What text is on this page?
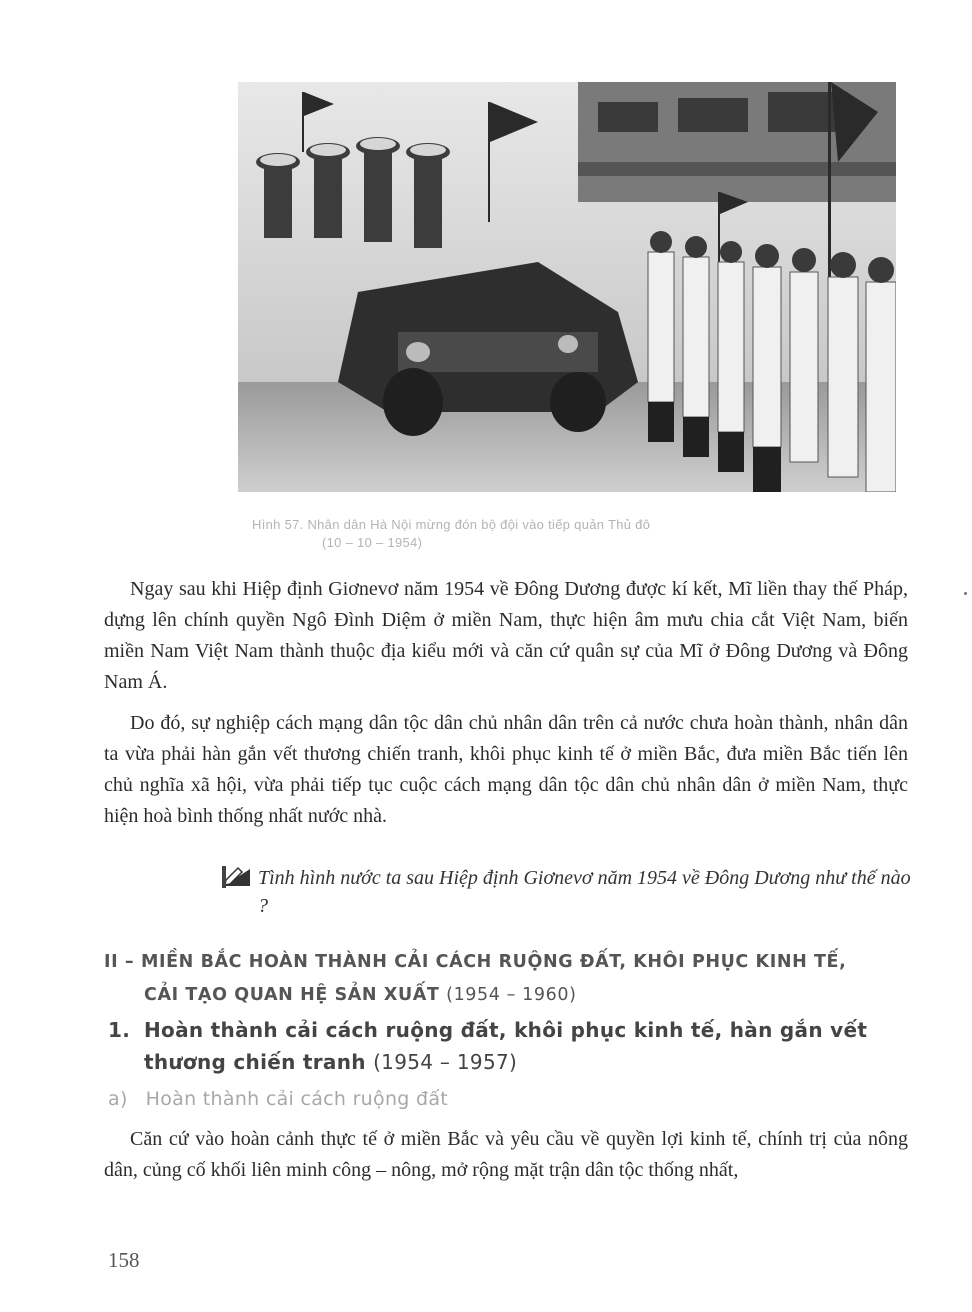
Hình 57. Nhân dân Hà Nội mừng đón bộ đội vào tiếp quản Thủ đô
(10 – 10 – 1954)

Ngay sau khi Hiệp định Giơnevơ năm 1954 về Đông Dương được kí kết, Mĩ liền thay thế Pháp, dựng lên chính quyền Ngô Đình Diệm ở miền Nam, thực hiện âm mưu chia cắt Việt Nam, biến miền Nam Việt Nam thành thuộc địa kiểu mới và căn cứ quân sự của Mĩ ở Đông Dương và Đông Nam Á.

Do đó, sự nghiệp cách mạng dân tộc dân chủ nhân dân trên cả nước chưa hoàn thành, nhân dân ta vừa phải hàn gắn vết thương chiến tranh, khôi phục kinh tế ở miền Bắc, đưa miền Bắc tiến lên chủ nghĩa xã hội, vừa phải tiếp tục cuộc cách mạng dân tộc dân chủ nhân dân ở miền Nam, thực hiện hoà bình thống nhất nước nhà.

Tình hình nước ta sau Hiệp định Giơnevơ năm 1954 về Đông Dương như thế nào ?
II – MIỀN BẮC HOÀN THÀNH CẢI CÁCH RUỘNG ĐẤT, KHÔI PHỤC KINH TẾ,
CẢI TẠO QUAN HỆ SẢN XUẤT (1954 – 1960)
1. Hoàn thành cải cách ruộng đất, khôi phục kinh tế, hàn gắn vết thương chiến tranh (1954 – 1957)
a) Hoàn thành cải cách ruộng đất

Căn cứ vào hoàn cảnh thực tế ở miền Bắc và yêu cầu về quyền lợi kinh tế, chính trị của nông dân, củng cố khối liên minh công – nông, mở rộng mặt trận dân tộc thống nhất,

158
